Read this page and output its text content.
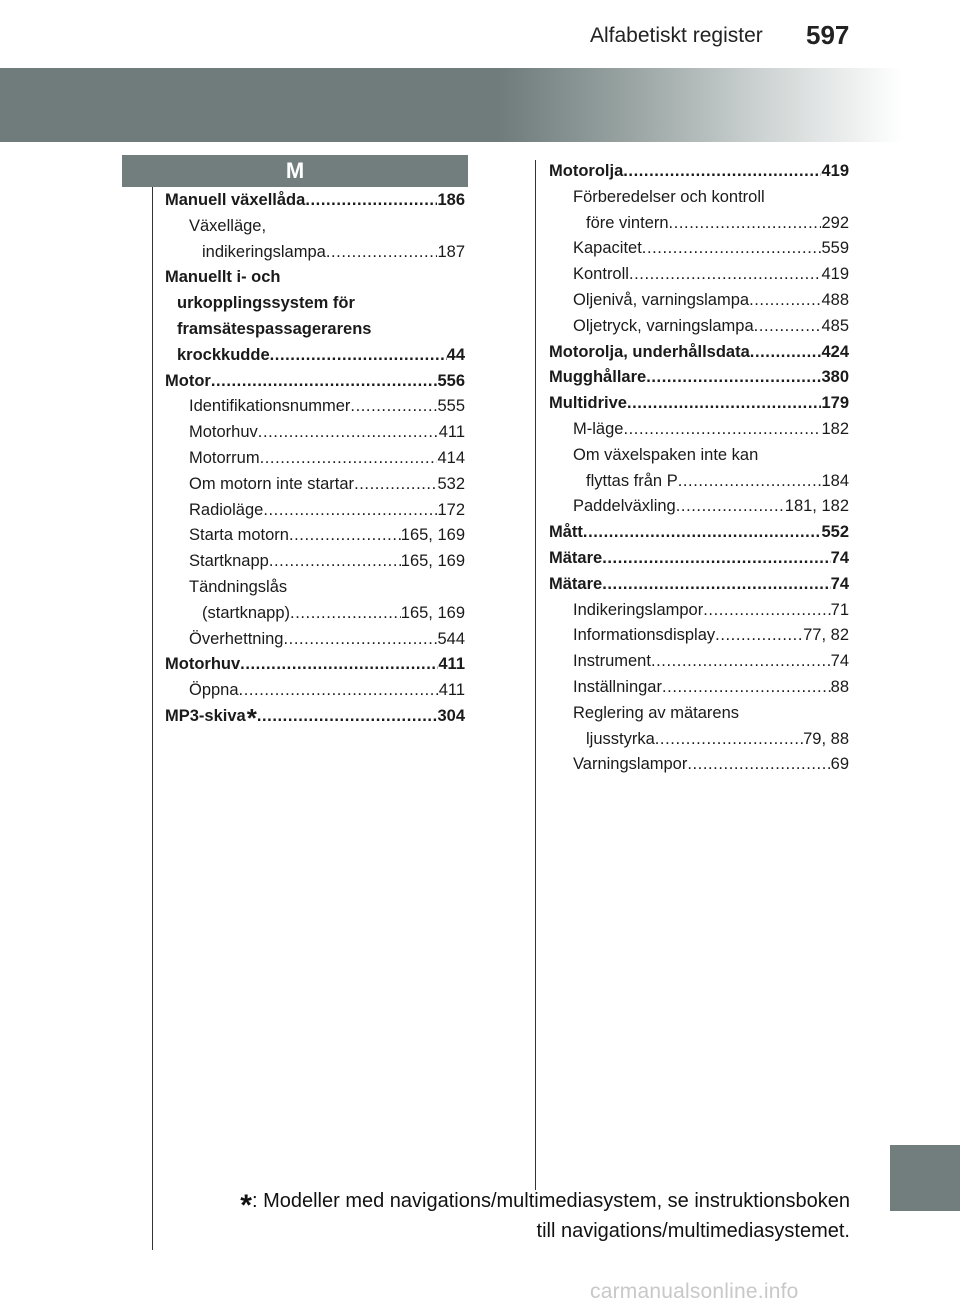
Alfabetiskt register 597
M
Manuell växellåda . . .	186
Växelläge,
indikeringslampa . . .	187
Manuellt i- och
urkopplingssystem för
framsätespassagerarens
krockkudde . . .	44
Motor . . .	556
Identifikationsnummer . . .	555
Motorhuv . . .	411
Motorrum . . .	414
Om motorn inte startar . . .	532
Radioläge . . .	172
Starta motorn . . .	165, 169
Startknapp . . .	165, 169
Tändningslås
(startknapp) . . .	165, 169
Överhettning . . .	544
Motorhuv . . .	411
Öppna . . .	411
MP3-skiva* . . .	304
Motorolja . . .	419
Förberedelser och kontroll
före vintern . . .	292
Kapacitet . . .	559
Kontroll . . .	419
Oljenivå, varningslampa . . .	488
Oljetryck, varningslampa . . .	485
Motorolja, underhållsdata . . .	424
Mugghållare . . .	380
Multidrive . . .	179
M-läge . . .	182
Om växelspaken inte kan
flyttas från P . . .	184
Paddelväxling . . .	181, 182
Mått . . .	552
Mätare . . .	74
Mätare . . .	74
Indikeringslampor . . .	71
Informationsdisplay . . .	77, 82
Instrument . . .	74
Inställningar . . .	88
Reglering av mätarens
ljusstyrka . . .	79, 88
Varningslampor . . .	69
*: Modeller med navigations/multimediasystem, se instruktionsboken
till navigations/multimediasystemet.
carmanualsonline.info
